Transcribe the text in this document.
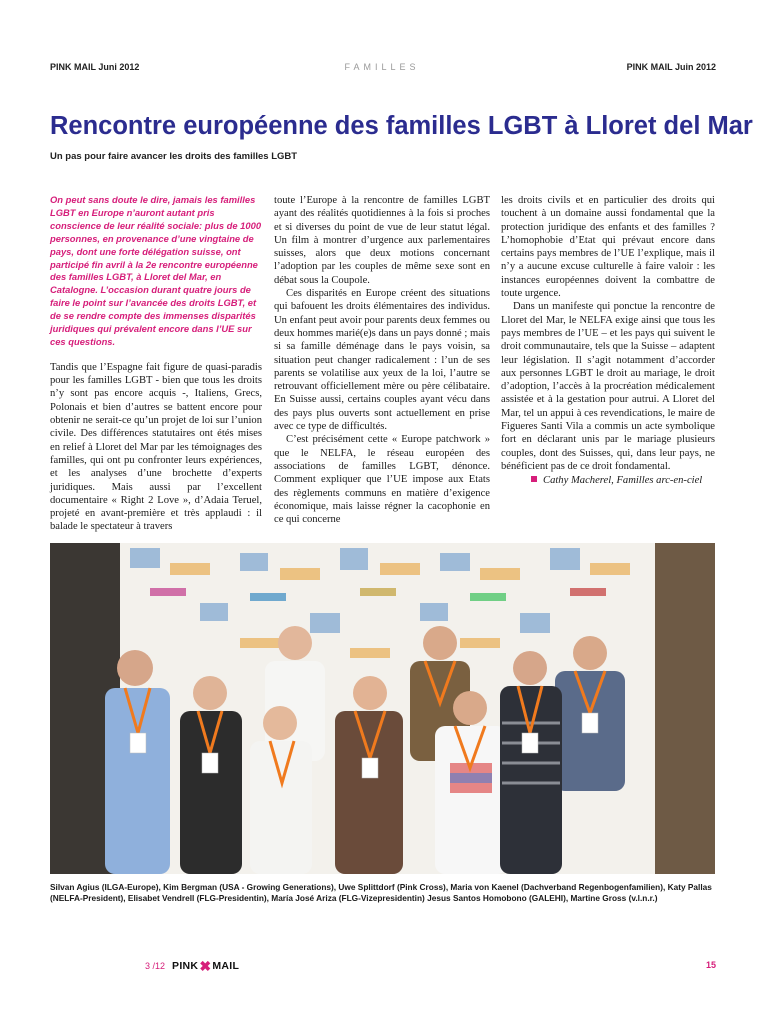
PINK MAIL Juni 2012	FAMILLES	PINK MAIL Juin 2012
Rencontre européenne des familles LGBT à Lloret del Mar
Un pas pour faire avancer les droits des familles LGBT

On peut sans doute le dire, jamais les familles LGBT en Europe n’auront autant pris conscience de leur réalité sociale: plus de 1000 personnes, en provenance d’une vingtaine de pays, dont une forte délégation suisse, ont participé fin avril à la 2e rencontre européenne des familles LGBT, à Lloret del Mar, en Catalogne. L’occasion durant quatre jours de faire le point sur l’avancée des droits LGBT, et de se rendre compte des immenses disparités juridiques qui prévalent encore dans l’UE sur ces questions.

Tandis que l’Espagne fait figure de quasi-paradis pour les familles LGBT - bien que tous les droits n’y sont pas encore acquis -, Italiens, Grecs, Polonais et bien d’autres se battent encore pour obtenir ne serait-ce qu’un projet de loi sur l’union civile. Des différences statutaires ont étés mises en relief à Lloret del Mar par les témoignages des familles, qui ont pu confronter leurs expériences, et les analyses d’une brochette d’experts juridiques. Mais aussi par l’excellent documentaire « Right 2 Love », d’Adaia Teruel, projeté en avant-première et très applaudi : il balade le spectateur à travers

toute l’Europe à la rencontre de familles LGBT ayant des réalités quotidiennes à la fois si proches et si diverses du point de vue de leur statut légal. Un film à montrer d’urgence aux parlementaires suisses, alors que deux motions concernant l’adoption par les couples de même sexe sont en débat sous la Coupole.

Ces disparités en Europe créent des situations qui bafouent les droits élémentaires des individus. Un enfant peut avoir pour parents deux femmes ou deux hommes marié(e)s dans un pays donné ; mais si sa famille déménage dans le pays voisin, sa situation peut changer radicalement : l’un de ses parents se volatilise aux yeux de la loi, l’autre se retrouvant officiellement mère ou père célibataire. En Suisse aussi, certains couples ayant vécu dans des pays plus ouverts sont actuellement en prise avec ce type de difficultés.

C’est précisément cette « Europe patchwork » que le NELFA, le réseau européen des associations de familles LGBT, dénonce. Comment expliquer que l’UE impose aux Etats des règlements communs en matière d’exigence économique, mais laisse régner la cacophonie en ce qui concerne

les droits civils et en particulier des droits qui touchent à un domaine aussi fondamental que la protection juridique des enfants et des familles ? L’homophobie d’Etat qui prévaut encore dans certains pays membres de l’UE l’explique, mais il n’y a aucune excuse culturelle à faire valoir : les instances européennes doivent la combattre de toute urgence.

Dans un manifeste qui ponctue la rencontre de Lloret del Mar, le NELFA exige ainsi que tous les pays membres de l’UE – et les pays qui suivent le droit communautaire, tels que la Suisse – adaptent leur législation. Il s’agit notamment d’accorder aux personnes LGBT le droit au mariage, le droit d’adoption, l’accès à la procréation médicalement assistée et à la gestation pour autrui. A Lloret del Mar, tel un appui à ces revendications, le maire de Figueres Santi Vila a commis un acte symbolique fort en déclarant unis par le mariage plusieurs couples, dont des Suisses, qui, dans leur pays, ne bénéficient pas de ce droit fondamental.

Cathy Macherel, Familles arc-en-ciel

Silvan Agius (ILGA-Europe), Kim Bergman (USA - Growing Generations), Uwe Splittdorf (Pink Cross), Maria von Kaenel (Dachverband Regenbogenfamilien), Katy Pallas (NELFA-President), Elisabet Vendrell (FLG-Presidentin), María José Ariza (FLG-Vizepresidentin) Jesus Santos Homobono (GALEHI), Martine Gross (v.l.n.r.)
3 /12 PINK ✖ MAIL	15
